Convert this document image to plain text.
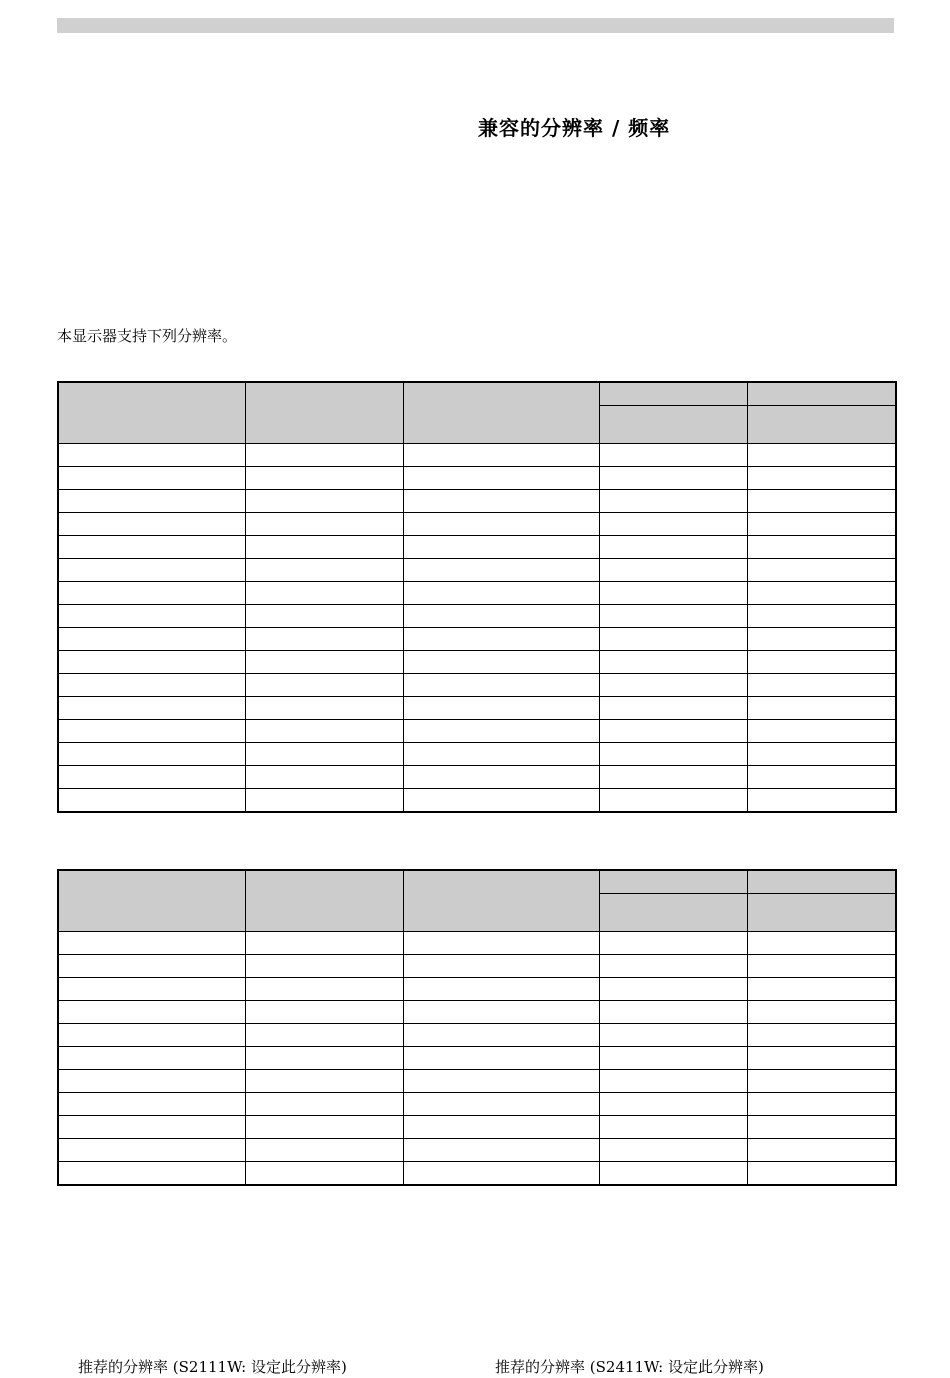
兼容的分辨率 / 频率
本显示器支持下列分辨率。

推荐的分辨率 (S2111W: 设定此分辨率)	推荐的分辨率 (S2411W: 设定此分辨率)
